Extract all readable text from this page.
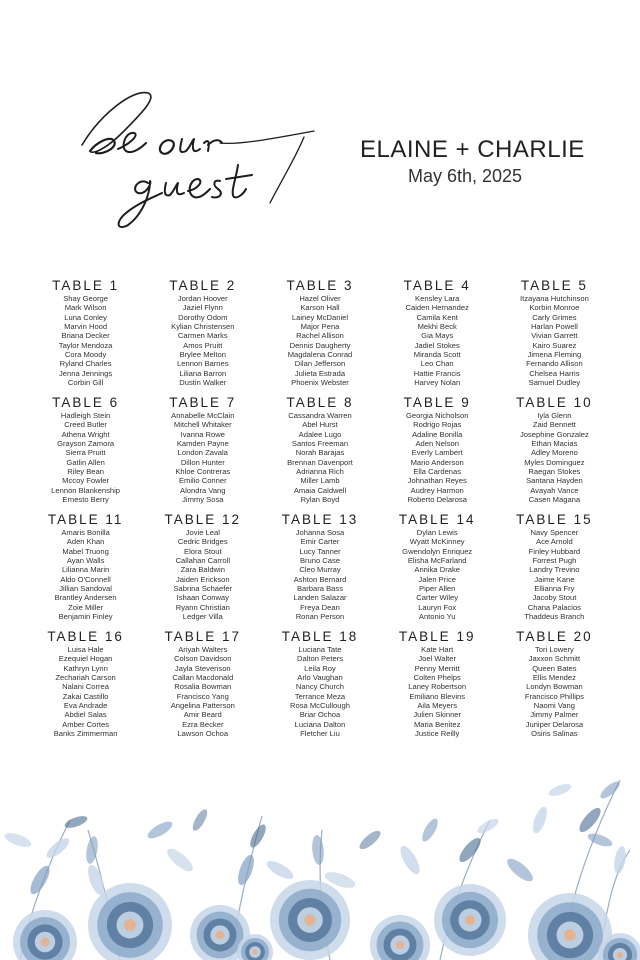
ELAINE + CHARLIE
May 6th, 2025
TABLE 1
Shay George
Mark Wilson
Luna Conley
Marvin Hood
Briana Decker
Taylor Mendoza
Cora Moody
Ryland Charles
Jenna Jennings
Corbin Gill
TABLE 2
Jordan Hoover
Jaziel Flynn
Dorothy Odom
Kylian Christensen
Carmen Marks
Amos Pruitt
Brylee Melton
Lennon Barnes
Liliana Barron
Dustin Walker
TABLE 3
Hazel Oliver
Karson Hall
Lainey McDaniel
Major Pena
Rachel Allison
Dennis Daugherty
Magdalena Conrad
Dilan Jefferson
Julieta Estrada
Phoenix Webster
TABLE 4
Kensley Lara
Caiden Hernandez
Camila Kent
Mekhi Beck
Gia Mays
Jadiel Stokes
Miranda Scott
Leo Chan
Hattie Francis
Harvey Nolan
TABLE 5
Itzayana Hutchinson
Korbin Monroe
Carly Grimes
Harlan Powell
Vivian Garrett
Kairo Suarez
Jimena Fleming
Fernando Allison
Chelsea Harris
Samuel Dudley
TABLE 6
Hadleigh Stein
Creed Butler
Athena Wright
Grayson Zamora
Sierra Pruitt
Gatlin Allen
Riley Bean
Mccoy Fowler
Lennon Blankenship
Ernesto Berry
TABLE 7
Annabelle McClain
Mitchell Whitaker
Ivanna Rowe
Kamden Payne
London Zavala
Dillon Hunter
Khloe Contreras
Emilio Conner
Alondra Vang
Jimmy Sosa
TABLE 8
Cassandra Warren
Abel Hurst
Adalee Lugo
Santos Freeman
Norah Barajas
Brennan Davenport
Adrianna Rich
Miller Lamb
Amaia Caldwell
Rylan Boyd
TABLE 9
Georgia Nicholson
Rodrigo Rojas
Adaline Bonilla
Aden Nelson
Everly Lambert
Mario Anderson
Ella Cardenas
Johnathan Reyes
Audrey Harmon
Roberto Delarosa
TABLE 10
Iyla Glenn
Zaid Bennett
Josephine Gonzalez
Ethan Macias
Adley Moreno
Myles Dominguez
Raegan Stokes
Santana Hayden
Avayah Vance
Casen Magana
TABLE 11
Amaris Bonilla
Aden Khan
Mabel Truong
Ayan Walls
Lilianna Marin
Aldo O'Connell
Jillian Sandoval
Brantley Andersen
Zoie Miller
Benjamin Finley
TABLE 12
Jovie Leal
Cedric Bridges
Elora Stout
Callahan Carroll
Zara Baldwin
Jaiden Erickson
Sabrina Schaefer
Ishaan Conway
Ryann Christian
Ledger Villa
TABLE 13
Johanna Sosa
Emir Carter
Lucy Tanner
Bruno Case
Cleo Murray
Ashton Bernard
Barbara Bass
Landen Salazar
Freya Dean
Ronan Person
TABLE 14
Dylan Lewis
Wyatt McKinney
Gwendolyn Enriquez
Elisha McFarland
Annika Drake
Jalen Price
Piper Allen
Carter Wiley
Lauryn Fox
Antonio Yu
TABLE 15
Navy Spencer
Ace Arnold
Finley Hubbard
Forrest Pugh
Landry Trevino
Jaime Kane
Ellianna Fry
Jacoby Stout
Chana Palacios
Thaddeus Branch
TABLE 16
Luisa Hale
Ezequiel Hogan
Kathryn Lynn
Zechariah Carson
Nalani Correa
Zakai Castillo
Eva Andrade
Abdiel Salas
Amber Cortes
Banks Zimmerman
TABLE 17
Ariyah Walters
Colson Davidson
Jayla Stevenson
Callan Macdonald
Rosalia Bowman
Francisco Yang
Angelina Patterson
Amir Beard
Ezra Becker
Lawson Ochoa
TABLE 18
Luciana Tate
Dalton Peters
Leila Roy
Arlo Vaughan
Nancy Church
Terrance Meza
Rosa McCullough
Briar Ochoa
Luciana Dalton
Fletcher Liu
TABLE 19
Kate Hart
Joel Walter
Penny Merritt
Colten Phelps
Laney Robertson
Emiliano Blevins
Aila Meyers
Julien Skinner
Maria Benitez
Justice Reilly
TABLE 20
Tori Lowery
Jaxxon Schmitt
Queen Bates
Ellis Mendez
Londyn Bowman
Francisco Phillips
Naomi Vang
Jimmy Palmer
Juniper Delarosa
Osiris Salinas
